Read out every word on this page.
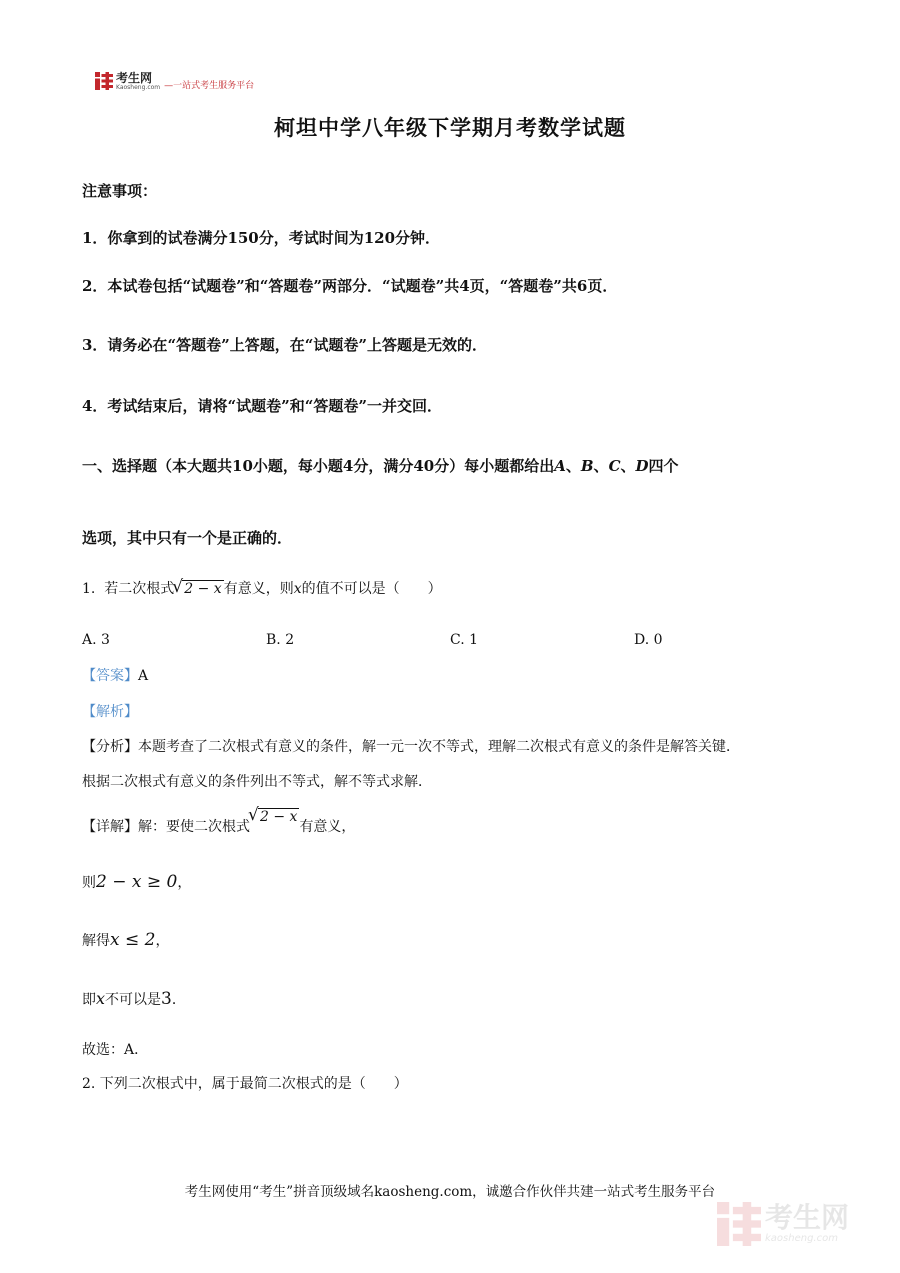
考生网
Kaosheng.com —一站式考生服务平台
柯坦中学八年级下学期月考数学试题
注意事项：
1．你拿到的试卷满分150分，考试时间为120分钟．
2．本试卷包括“试题卷”和“答题卷”两部分．“试题卷”共4页，“答题卷”共6页．
3．请务必在“答题卷”上答题，在“试题卷”上答题是无效的．
4．考试结束后，请将“试题卷”和“答题卷”一并交回．
一、选择题（本大题共10小题，每小题4分，满分40分）每小题都给出A、B、C、D四个
选项，其中只有一个是正确的．
1. 若二次根式√ 2 − x 有意义，则x的值不可以是（　　）
A. 3	B. 2	C. 1	D. 0
【答案】A
【解析】
【分析】本题考查了二次根式有意义的条件，解一元一次不等式，理解二次根式有意义的条件是解答关键．
根据二次根式有意义的条件列出不等式，解不等式求解．
【详解】解：要使二次根式√ 2 − x有意义，
则2 − x ≥ 0，
解得x ≤ 2，
即x不可以是3．
故选：A．
2. 下列二次根式中，属于最简二次根式的是（　　）
考生网使用“考生”拼音顶级域名kaosheng.com，诚邀合作伙伴共建一站式考生服务平台
考生网
kaosheng.com
